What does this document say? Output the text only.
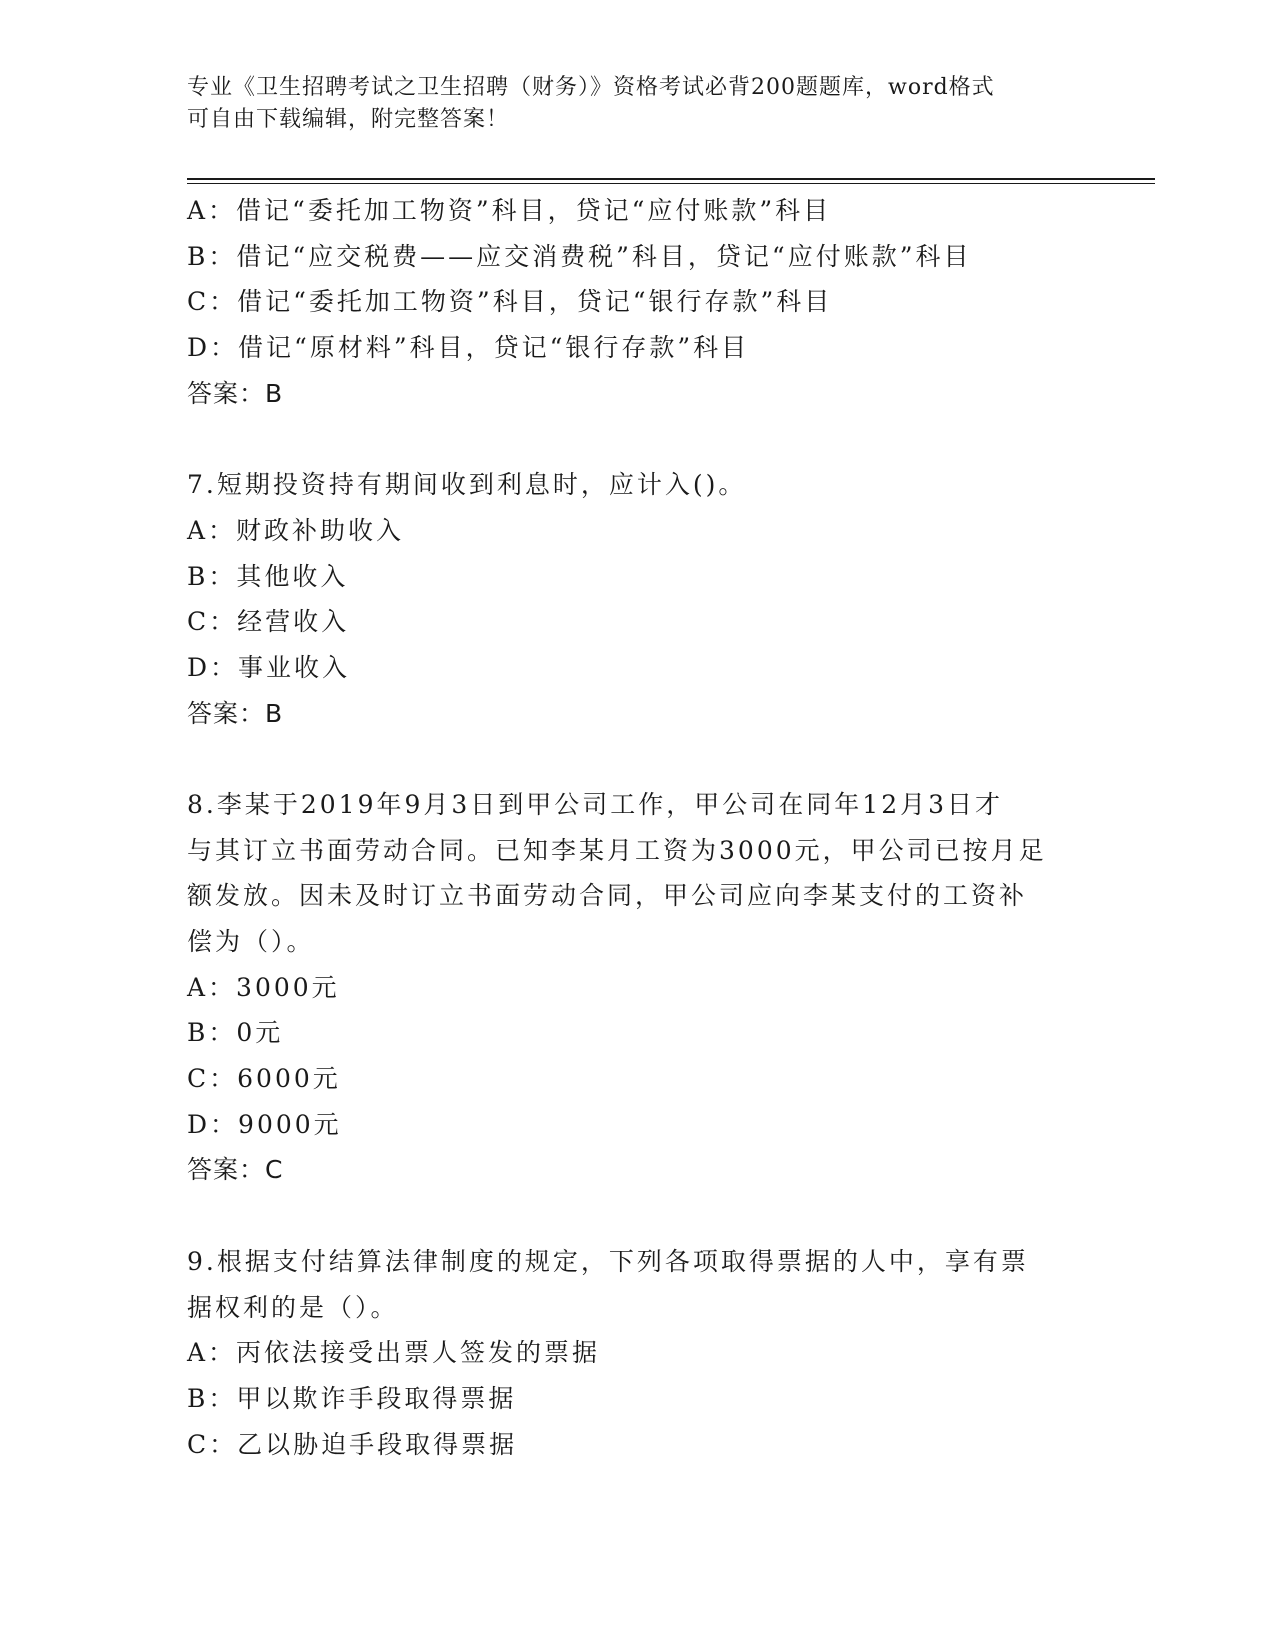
专业《卫生招聘考试之卫生招聘（财务）》资格考试必背200题题库，word格式
可自由下载编辑，附完整答案！
A：借记“委托加工物资”科目，贷记“应付账款”科目
B：借记“应交税费——应交消费税”科目，贷记“应付账款”科目
C：借记“委托加工物资”科目，贷记“银行存款”科目
D：借记“原材料”科目，贷记“银行存款”科目
答案：B
7.短期投资持有期间收到利息时，应计入()。
A：财政补助收入
B：其他收入
C：经营收入
D：事业收入
答案：B
8.李某于2019年9月3日到甲公司工作，甲公司在同年12月3日才
与其订立书面劳动合同。已知李某月工资为3000元，甲公司已按月足
额发放。因未及时订立书面劳动合同，甲公司应向李某支付的工资补
偿为（）。
A：3000元
B：0元
C：6000元
D：9000元
答案：C
9.根据支付结算法律制度的规定，下列各项取得票据的人中，享有票
据权利的是（）。
A：丙依法接受出票人签发的票据
B：甲以欺诈手段取得票据
C：乙以胁迫手段取得票据
